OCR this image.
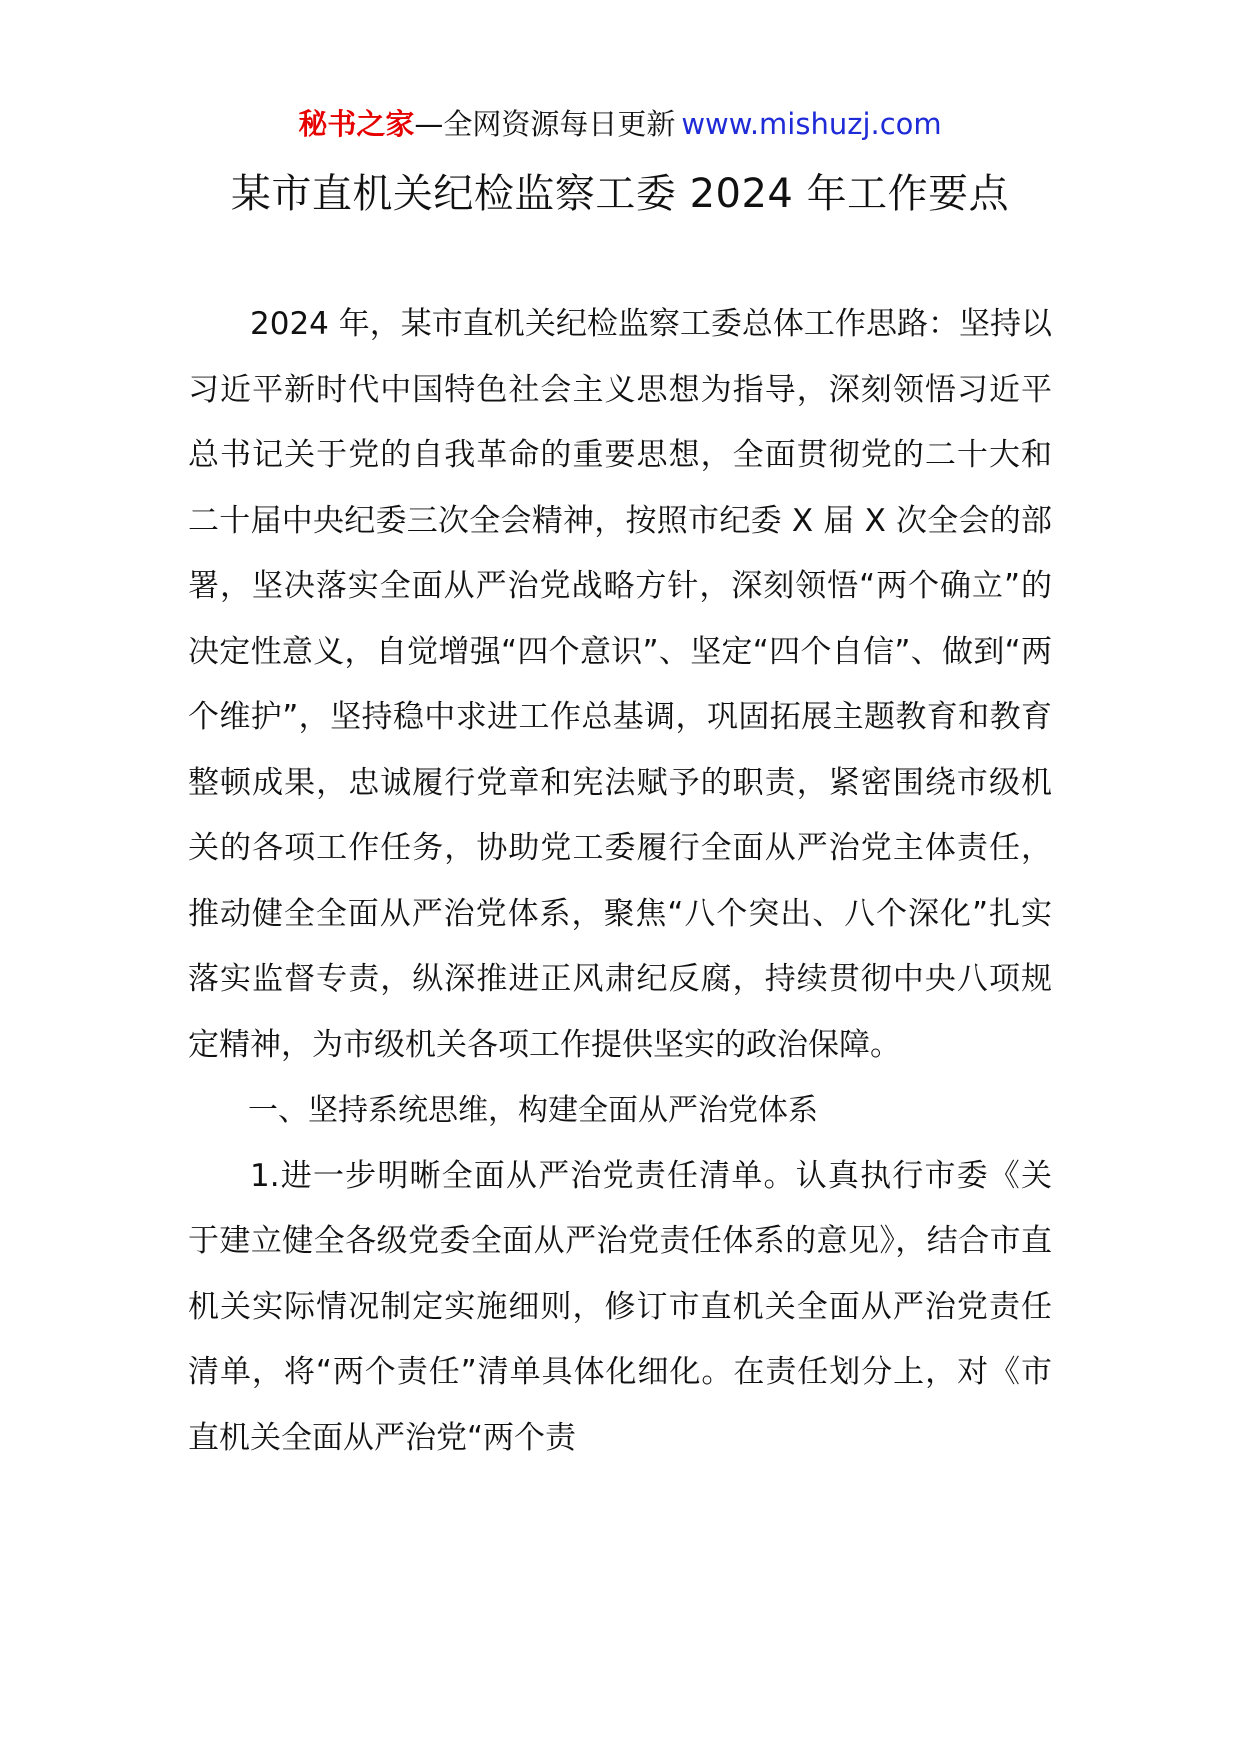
秘书之家—全网资源每日更新 www.mishuzj.com
某市直机关纪检监察工委 2024 年工作要点

2024 年，某市直机关纪检监察工委总体工作思路：坚持以习近平新时代中国特色社会主义思想为指导，深刻领悟习近平总书记关于党的自我革命的重要思想，全面贯彻党的二十大和二十届中央纪委三次全会精神，按照市纪委 X 届 X 次全会的部署，坚决落实全面从严治党战略方针，深刻领悟“两个确立”的决定性意义，自觉增强“四个意识”、坚定“四个自信”、做到“两个维护”，坚持稳中求进工作总基调，巩固拓展主题教育和教育整顿成果，忠诚履行党章和宪法赋予的职责，紧密围绕市级机关的各项工作任务，协助党工委履行全面从严治党主体责任，推动健全全面从严治党体系，聚焦“八个突出、八个深化”扎实落实监督专责，纵深推进正风肃纪反腐，持续贯彻中央八项规定精神，为市级机关各项工作提供坚实的政治保障。

一、坚持系统思维，构建全面从严治党体系

1.进一步明晰全面从严治党责任清单。认真执行市委《关于建立健全各级党委全面从严治党责任体系的意见》，结合市直机关实际情况制定实施细则，修订市直机关全面从严治党责任清单，将“两个责任”清单具体化细化。在责任划分上，对《市直机关全面从严治党“两个责
